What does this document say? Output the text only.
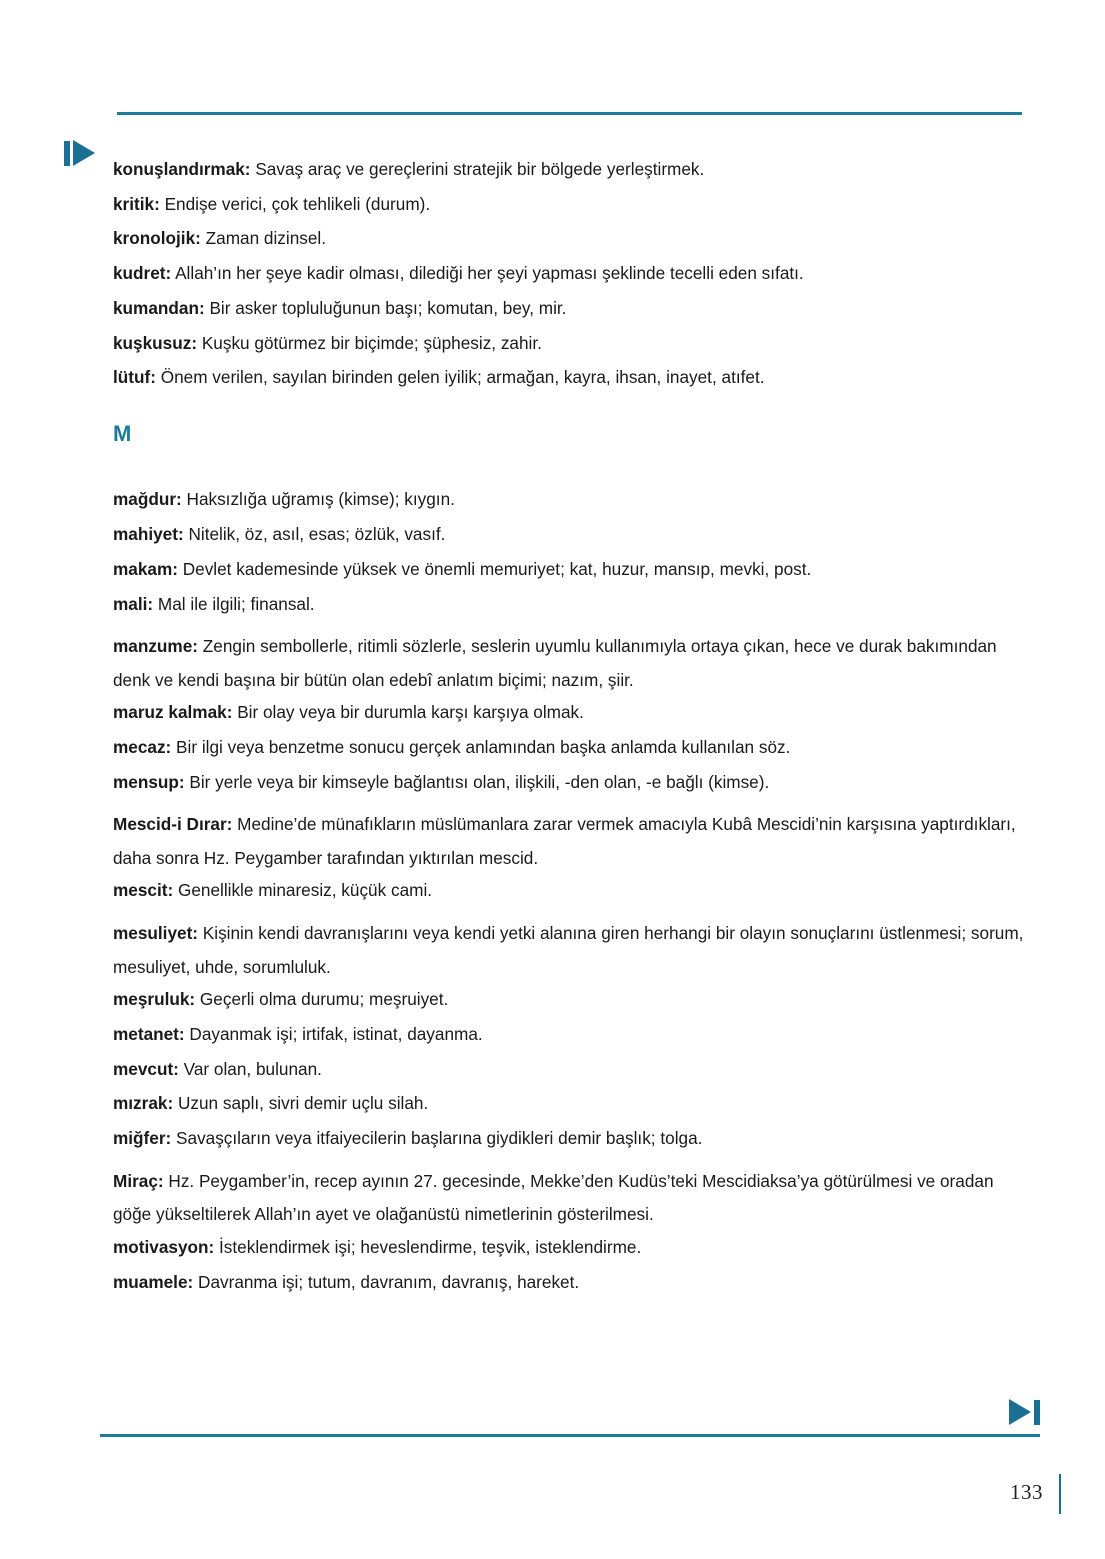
konuşlandırmak: Savaş araç ve gereçlerini stratejik bir bölgede yerleştirmek.

kritik: Endişe verici, çok tehlikeli (durum).

kronolojik: Zaman dizinsel.

kudret: Allah’ın her şeye kadir olması, dilediği her şeyi yapması şeklinde tecelli eden sıfatı.

kumandan: Bir asker topluluğunun başı; komutan, bey, mir.

kuşkusuz: Kuşku götürmez bir biçimde; şüphesiz, zahir.

lütuf: Önem verilen, sayılan birinden gelen iyilik; armağan, kayra, ihsan, inayet, atıfet.

M

mağdur: Haksızlığa uğramış (kimse); kıygın.

mahiyet: Nitelik, öz, asıl, esas; özlük, vasıf.

makam: Devlet kademesinde yüksek ve önemli memuriyet; kat, huzur, mansıp, mevki, post.

mali: Mal ile ilgili; finansal.

manzume: Zengin sembollerle, ritimli sözlerle, seslerin uyumlu kullanımıyla ortaya çıkan, hece ve durak bakımından denk ve kendi başına bir bütün olan edebî anlatım biçimi; nazım, şiir.

maruz kalmak: Bir olay veya bir durumla karşı karşıya olmak.

mecaz: Bir ilgi veya benzetme sonucu gerçek anlamından başka anlamda kullanılan söz.

mensup: Bir yerle veya bir kimseyle bağlantısı olan, ilişkili, -den olan, -e bağlı (kimse).

Mescid-i Dırar: Medine’de münafıkların müslümanlara zarar vermek amacıyla Kubâ Mescidi’nin karşısına yaptırdıkları, daha sonra Hz. Peygamber tarafından yıktırılan mescid.

mescit: Genellikle minaresiz, küçük cami.

mesuliyet: Kişinin kendi davranışlarını veya kendi yetki alanına giren herhangi bir olayın sonuçlarını üstlenmesi; sorum, mesuliyet, uhde, sorumluluk.

meşruluk: Geçerli olma durumu; meşruiyet.

metanet: Dayanmak işi; irtifak, istinat, dayanma.

mevcut: Var olan, bulunan.

mızrak: Uzun saplı, sivri demir uçlu silah.

miğfer: Savaşçıların veya itfaiyecilerin başlarına giydikleri demir başlık; tolga.

Miraç: Hz. Peygamber’in, recep ayının 27. gecesinde, Mekke’den Kudüs’teki Mescidiaksa’ya götürülmesi ve oradan göğe yükseltilerek Allah’ın ayet ve olağanüstü nimetlerinin gösterilmesi.

motivasyon: İsteklendirmek işi; heveslendirme, teşvik, isteklendirme.

muamele: Davranma işi; tutum, davranım, davranış, hareket.

133
